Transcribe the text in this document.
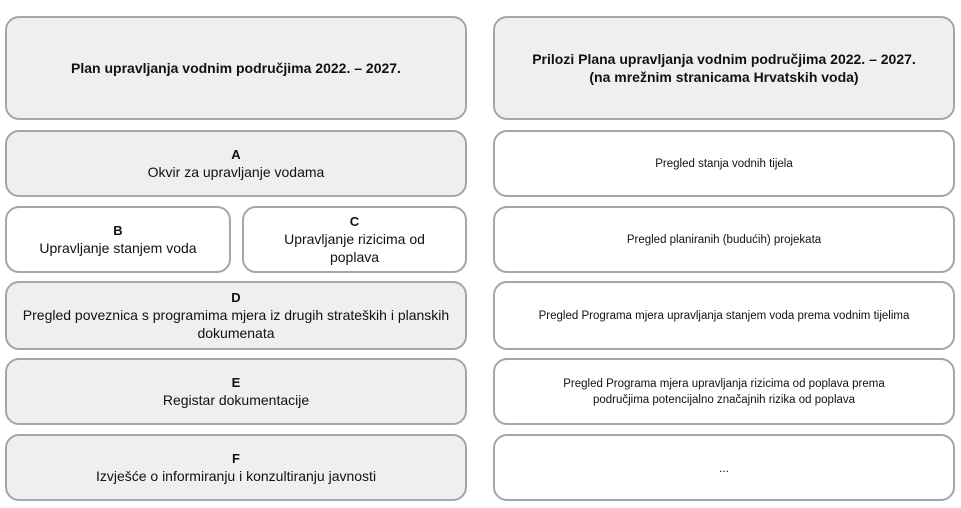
Plan upravljanja vodnim područjima 2022. – 2027.
A
Okvir za upravljanje vodama
B
Upravljanje stanjem voda
C
Upravljanje rizicima od poplava
D
Pregled poveznica s programima mjera iz drugih strateških i planskih dokumenata
E
Registar dokumentacije
F
Izvješće o informiranju i konzultiranju javnosti
Prilozi Plana upravljanja vodnim područjima 2022. – 2027.
(na mrežnim stranicama Hrvatskih voda)
Pregled stanja vodnih tijela
Pregled planiranih (budućih) projekata
Pregled Programa mjera upravljanja stanjem voda prema vodnim tijelima
Pregled Programa mjera upravljanja rizicima od poplava prema područjima potencijalno značajnih rizika od poplava
...
